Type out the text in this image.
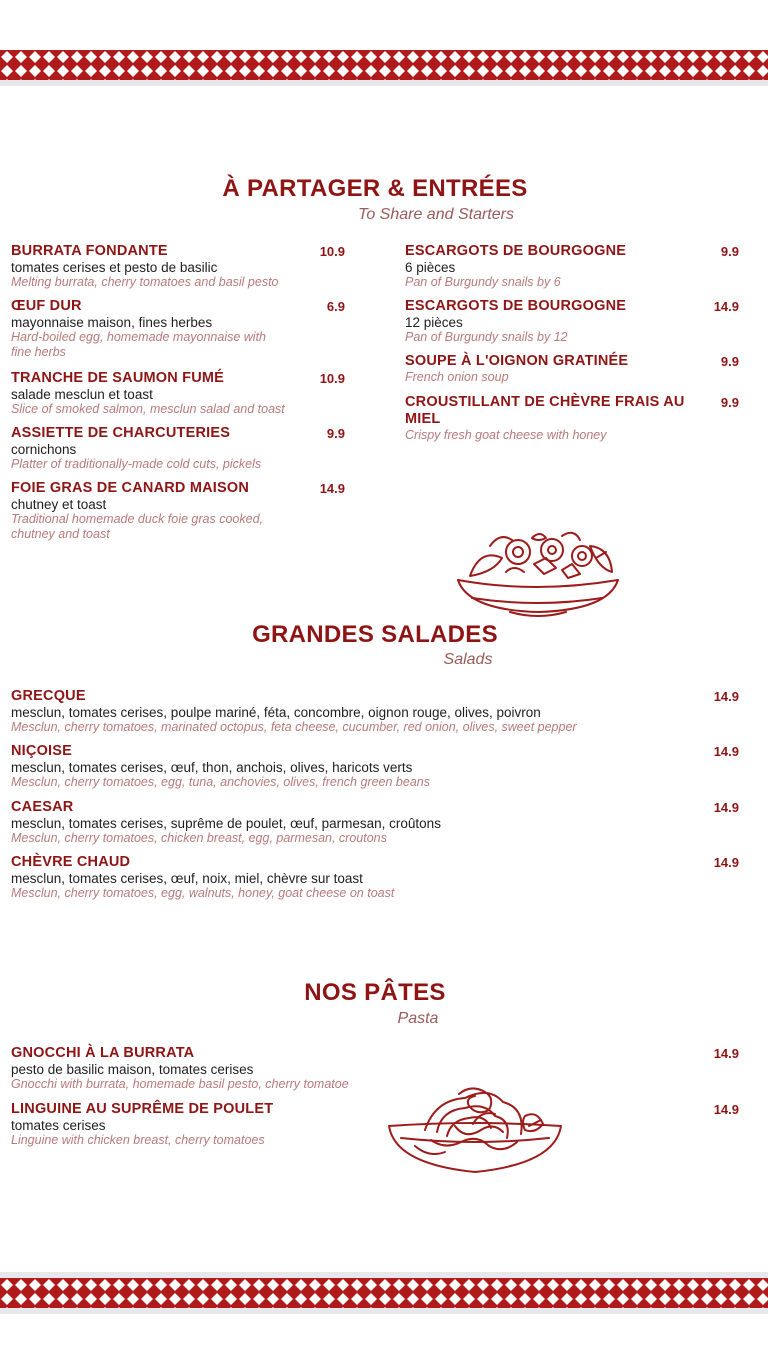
À PARTAGER & ENTRÉES
To Share and Starters
BURRATA FONDANTE
tomates cerises et pesto de basilic
Melting burrata, cherry tomatoes and basil pesto
10.9
ŒUF DUR
mayonnaise maison, fines herbes
Hard-boiled egg, homemade mayonnaise with fine herbs
6.9
TRANCHE DE SAUMON FUMÉ
salade mesclun et toast
Slice of smoked salmon, mesclun salad and toast
10.9
ASSIETTE DE CHARCUTERIES
cornichons
Platter of traditionally-made cold cuts, pickels
9.9
FOIE GRAS DE CANARD MAISON
chutney et toast
Traditional homemade duck foie gras cooked, chutney and toast
14.9
ESCARGOTS DE BOURGOGNE
6 pièces
Pan of Burgundy snails by 6
9.9
ESCARGOTS DE BOURGOGNE
12 pièces
Pan of Burgundy snails by 12
14.9
SOUPE À L'OIGNON GRATINÉE
French onion soup
9.9
CROUSTILLANT DE CHÈVRE FRAIS AU MIEL
Crispy fresh goat cheese with honey
9.9
GRANDES SALADES
Salads
GRECQUE
mesclun, tomates cerises, poulpe mariné, féta, concombre, oignon rouge, olives, poivron
Mesclun, cherry tomatoes, marinated octopus, feta cheese, cucumber, red onion, olives, sweet pepper
14.9
NIÇOISE
mesclun, tomates cerises, œuf, thon, anchois, olives, haricots verts
Mesclun, cherry tomatoes, egg, tuna, anchovies, olives, french green beans
14.9
CAESAR
mesclun, tomates cerises, suprême de poulet, œuf, parmesan, croûtons
Mesclun, cherry tomatoes, chicken breast, egg, parmesan, croutons
14.9
CHÈVRE CHAUD
mesclun, tomates cerises, œuf, noix, miel, chèvre sur toast
Mesclun, cherry tomatoes, egg, walnuts, honey, goat cheese on toast
14.9
NOS PÂTES
Pasta
GNOCCHI À LA BURRATA
pesto de basilic maison, tomates cerises
Gnocchi with burrata, homemade basil pesto, cherry tomatoe
14.9
LINGUINE AU SUPRÊME DE POULET
tomates cerises
Linguine with chicken breast, cherry tomatoes
14.9
